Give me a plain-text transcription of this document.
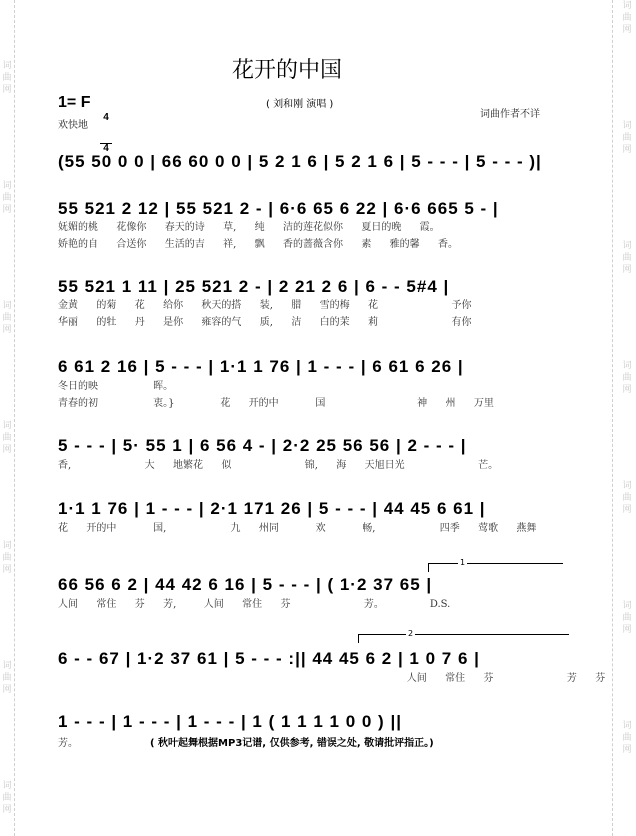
词
曲
网

词
曲
网

词
曲
网

词
曲
网

词
曲
网

词
曲
网

词
曲
网

词
曲
网

词
曲
网

词
曲
网

词
曲
网

词
曲
网

词
曲
网

词
曲
网

花开的中国
1= F

$\frac{4}{4}$

欢快地
( 刘和刚 演唱 )
词曲作者不详
(55 50 0 0 | 66 60 0 0 | 5 2 1 6 | 5 2 1 6 | 5 - - - | 5 - - - )|
55 521 2 12 | 55 521 2 - | 6·6 65 6 22 | 6·6 665 5 - |
妩媚的桃  花像你  春天的诗  草,  纯  洁的莲花似你  夏日的晚  霞。
娇艳的自  合送你  生活的吉  祥,  飘  香的蔷薇含你  素  雅的馨  香。
55 521 1 11 | 25 521 2 - | 2 21 2 6 | 6 - - 5#4 |
金黄  的菊  花  给你  秋天的搭  装,  腊  雪的梅  花        予你
华丽  的牡  丹  是你  雍容的气  质,  洁  白的茉  莉        有你
6 61 2 16 | 5 - - - | 1·1 1 76 | 1 - - - | 6 61 6 26 |
冬日的映      晖。
青春的初      衷。}     花  开的中    国          神  州  万里
5 - - - | 5· 55 1 | 6 56 4 - | 2·2 25 56 56 | 2 - - - |
香,        大  地繁花  似        锦,  海  天旭日光        芒。
1·1 1 76 | 1 - - - | 2·1 171 26 | 5 - - - | 44 45 6 61 |
花  开的中    国,       九  州同    欢    畅,       四季  莺歌  燕舞
1
66 56 6 2 | 44 42 6 16 | 5 - - - | ( 1·2 37 65 |
人间  常住  芬  芳,   人间  常住  芬        芳。     D.S.
2
6 - - 67 | 1·2 37 61 | 5 - - - :|| 44 45 6 2 | 1 0 7 6 |
人间  常住  芬        芳  芬
1 - - - | 1 - - - | 1 - - - | 1 ( 1 1 1 1 0 0 ) ||
芳。	( 秋叶起舞根据MP3记谱, 仅供参考, 错误之处, 敬请批评指正。)
